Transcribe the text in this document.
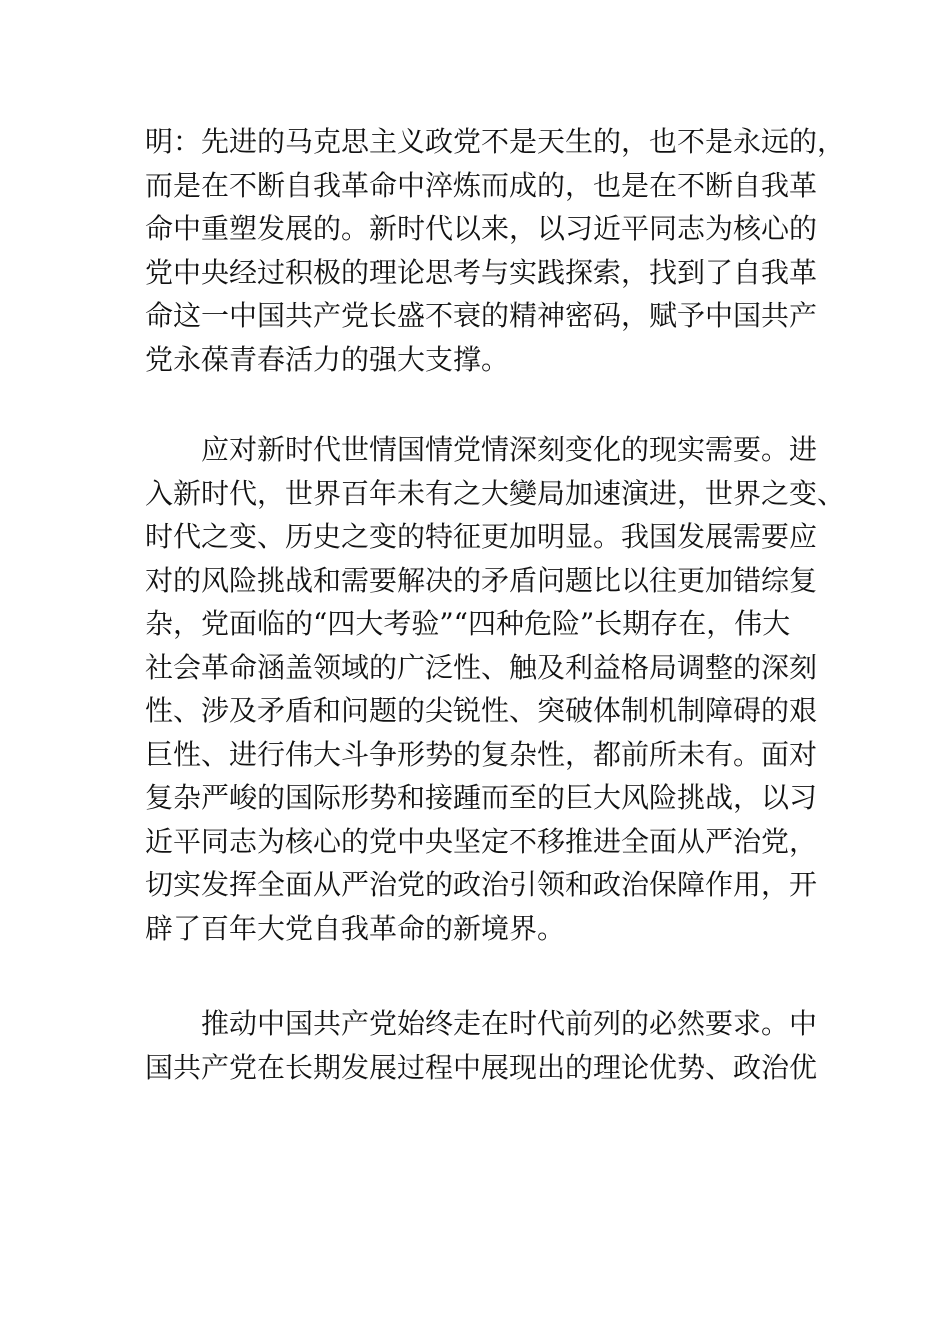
明：先进的马克思主义政党不是天生的，也不是永远的，
而是在不断自我革命中淬炼而成的，也是在不断自我革
命中重塑发展的。新时代以来，以习近平同志为核心的
党中央经过积极的理论思考与实践探索，找到了自我革
命这一中国共产党长盛不衰的精神密码，赋予中国共产
党永葆青春活力的强大支撑。
应对新时代世情国情党情深刻变化的现实需要。进
入新时代，世界百年未有之大變局加速演进，世界之变、
时代之变、历史之变的特征更加明显。我国发展需要应
对的风险挑战和需要解决的矛盾问题比以往更加错综复
杂，党面临的“四大考验”“四种危险”长期存在，伟大
社会革命涵盖领域的广泛性、触及利益格局调整的深刻
性、涉及矛盾和问题的尖锐性、突破体制机制障碍的艰
巨性、进行伟大斗争形势的复杂性，都前所未有。面对
复杂严峻的国际形势和接踵而至的巨大风险挑战，以习
近平同志为核心的党中央坚定不移推进全面从严治党，
切实发挥全面从严治党的政治引领和政治保障作用，开
辟了百年大党自我革命的新境界。
推动中国共产党始终走在时代前列的必然要求。中
国共产党在长期发展过程中展现出的理论优势、政治优
